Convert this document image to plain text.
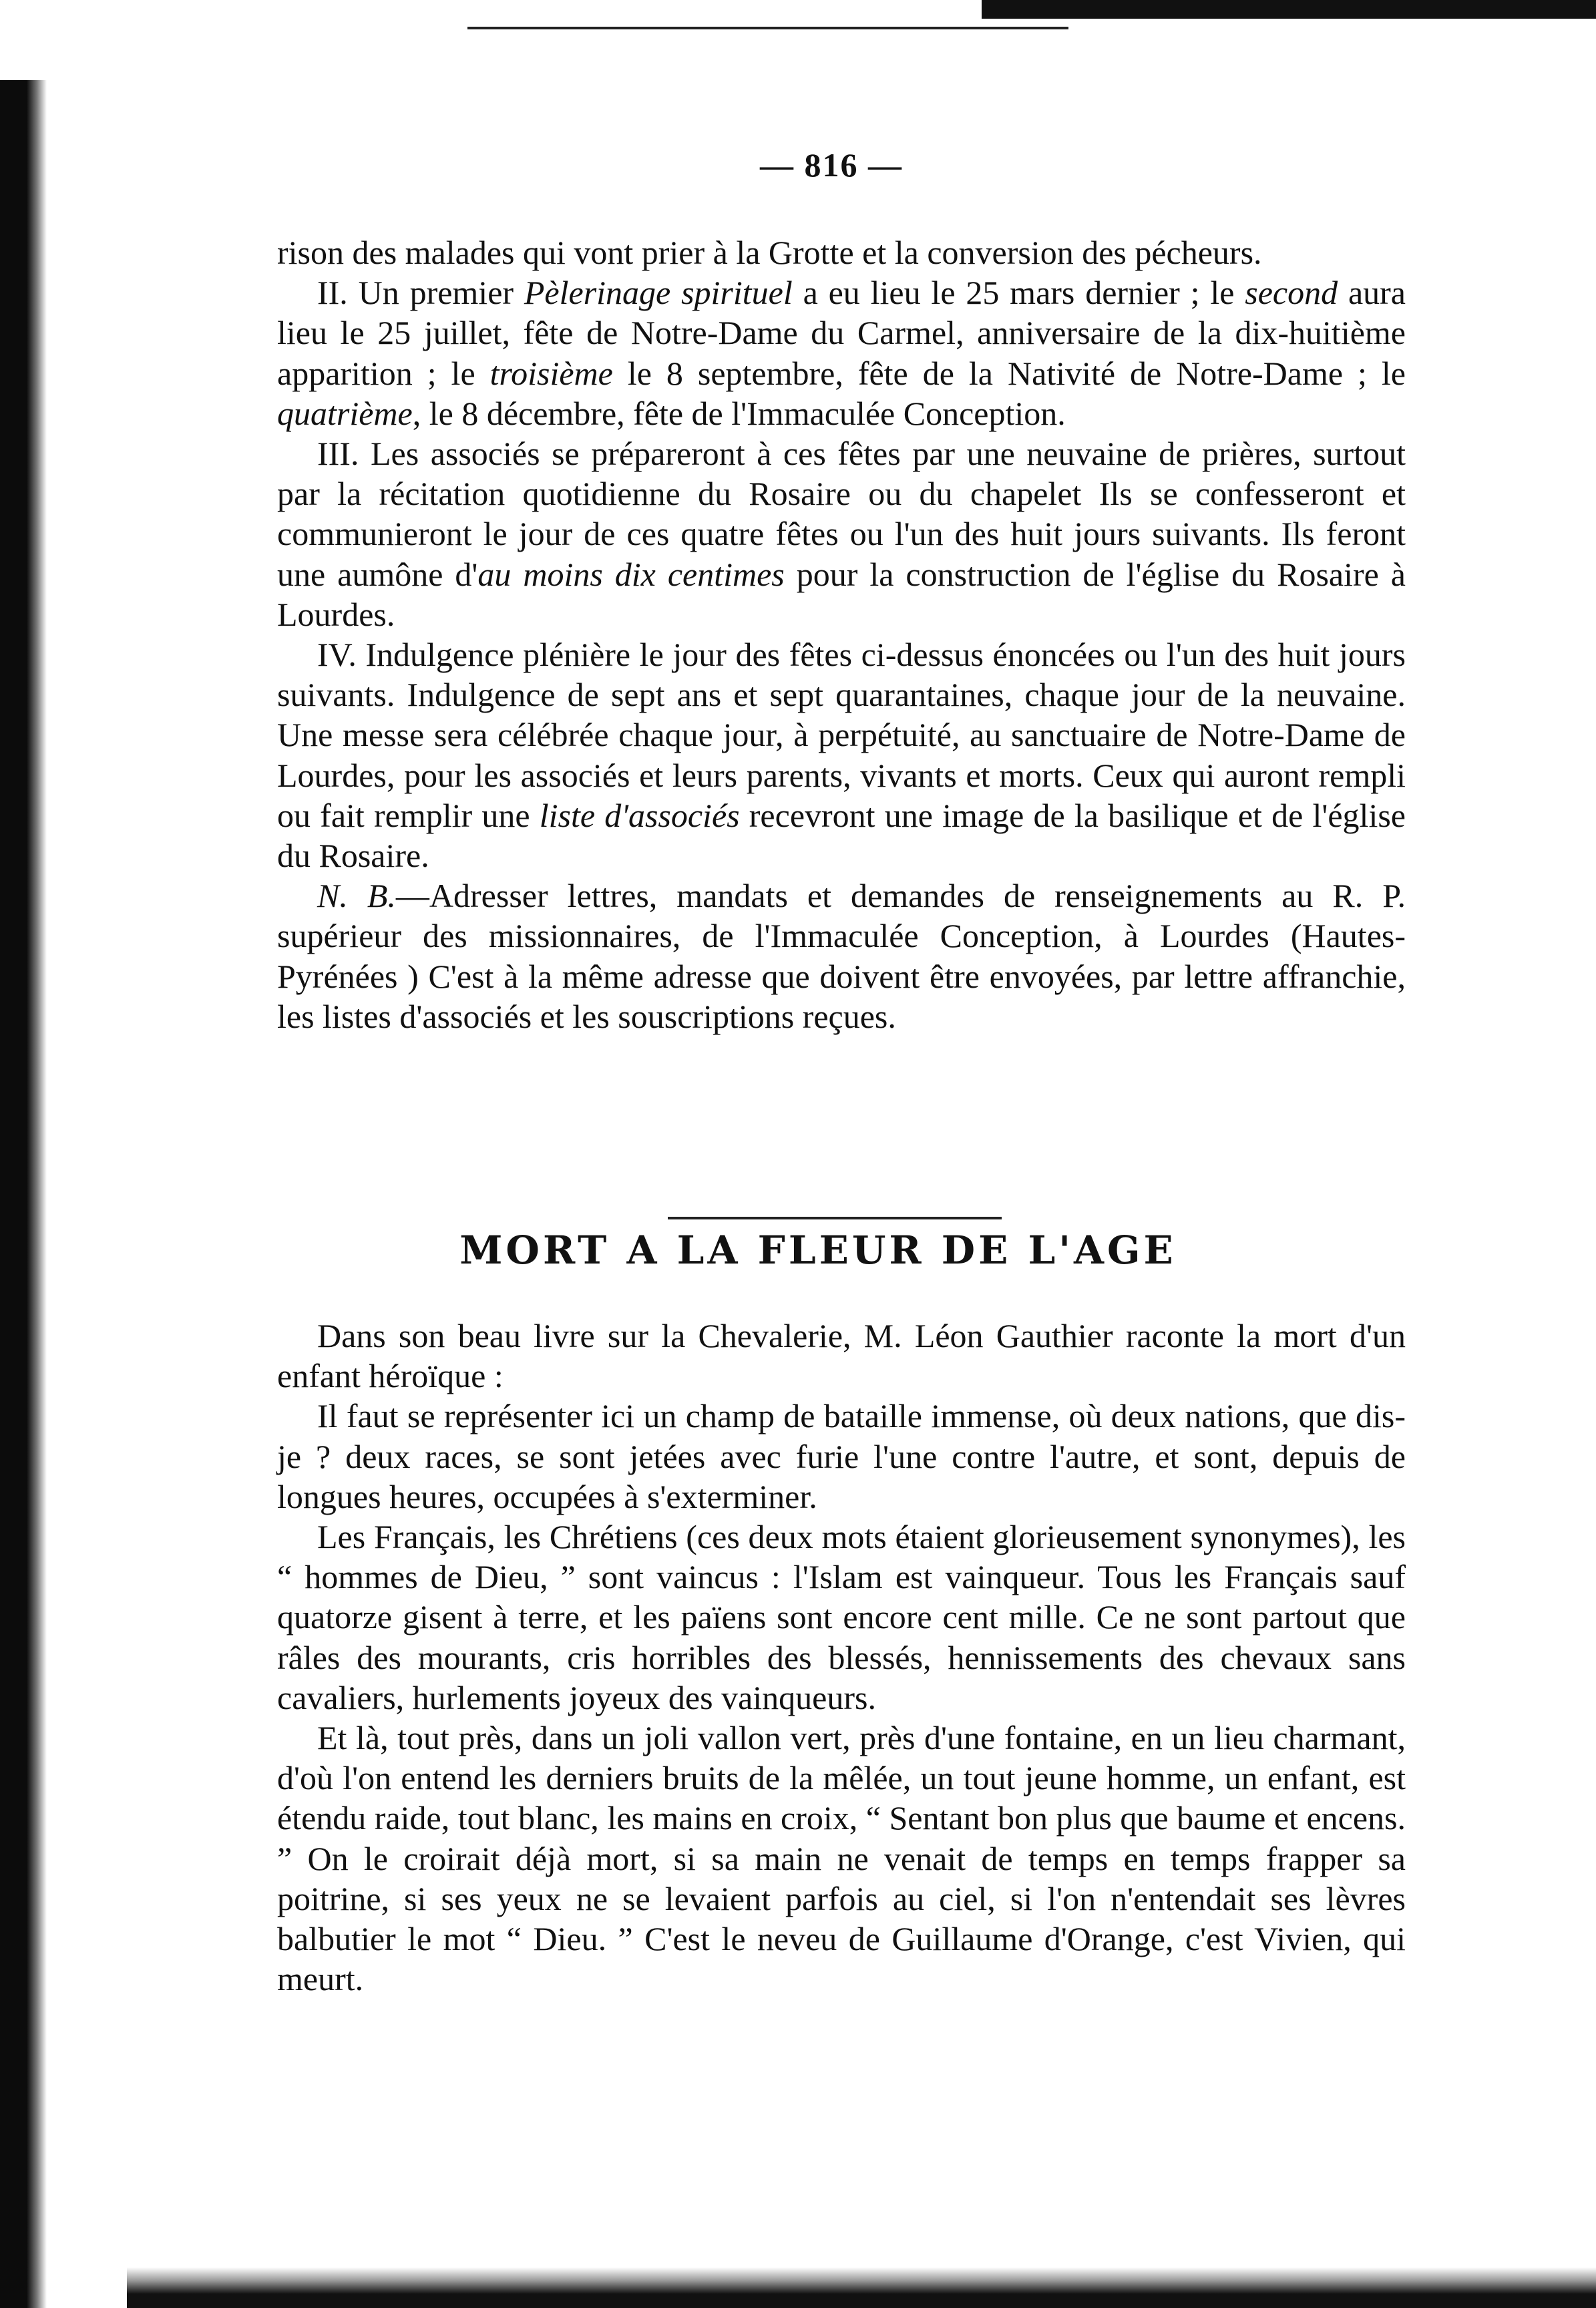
— 816 —

rison des malades qui vont prier à la Grotte et la conversion des pécheurs.

II. Un premier Pèlerinage spirituel a eu lieu le 25 mars dernier ; le second aura lieu le 25 juillet, fête de Notre-Dame du Carmel, anniversaire de la dix-huitième apparition ; le troisième le 8 septembre, fête de la Nativité de Notre-Dame ; le quatrième, le 8 décembre, fête de l'Immaculée Conception.

III. Les associés se prépareront à ces fêtes par une neuvaine de prières, surtout par la récitation quotidienne du Rosaire ou du chapelet Ils se confesseront et communieront le jour de ces quatre fêtes ou l'un des huit jours suivants. Ils feront une aumône d'au moins dix centimes pour la construction de l'église du Rosaire à Lourdes.

IV. Indulgence plénière le jour des fêtes ci-dessus énoncées ou l'un des huit jours suivants. Indulgence de sept ans et sept quarantaines, chaque jour de la neuvaine. Une messe sera célébrée chaque jour, à perpétuité, au sanctuaire de Notre-Dame de Lourdes, pour les associés et leurs parents, vivants et morts. Ceux qui auront rempli ou fait remplir une liste d'associés recevront une image de la basilique et de l'église du Rosaire.

N. B.—Adresser lettres, mandats et demandes de renseignements au R. P. supérieur des missionnaires, de l'Immaculée Conception, à Lourdes (Hautes-Pyrénées ) C'est à la même adresse que doivent être envoyées, par lettre affranchie, les listes d'associés et les souscriptions reçues.

MORT A LA FLEUR DE L'AGE

Dans son beau livre sur la Chevalerie, M. Léon Gauthier raconte la mort d'un enfant héroïque :

Il faut se représenter ici un champ de bataille immense, où deux nations, que dis-je ? deux races, se sont jetées avec furie l'une contre l'autre, et sont, depuis de longues heures, occupées à s'exterminer.

Les Français, les Chrétiens (ces deux mots étaient glorieusement synonymes), les “ hommes de Dieu, ” sont vaincus : l'Islam est vainqueur. Tous les Français sauf quatorze gisent à terre, et les païens sont encore cent mille. Ce ne sont partout que râles des mourants, cris horribles des blessés, hennissements des chevaux sans cavaliers, hurlements joyeux des vainqueurs.

Et là, tout près, dans un joli vallon vert, près d'une fontaine, en un lieu charmant, d'où l'on entend les derniers bruits de la mêlée, un tout jeune homme, un enfant, est étendu raide, tout blanc, les mains en croix, “ Sentant bon plus que baume et encens. ” On le croirait déjà mort, si sa main ne venait de temps en temps frapper sa poitrine, si ses yeux ne se levaient parfois au ciel, si l'on n'entendait ses lèvres balbutier le mot “ Dieu. ” C'est le neveu de Guillaume d'Orange, c'est Vivien, qui meurt.
